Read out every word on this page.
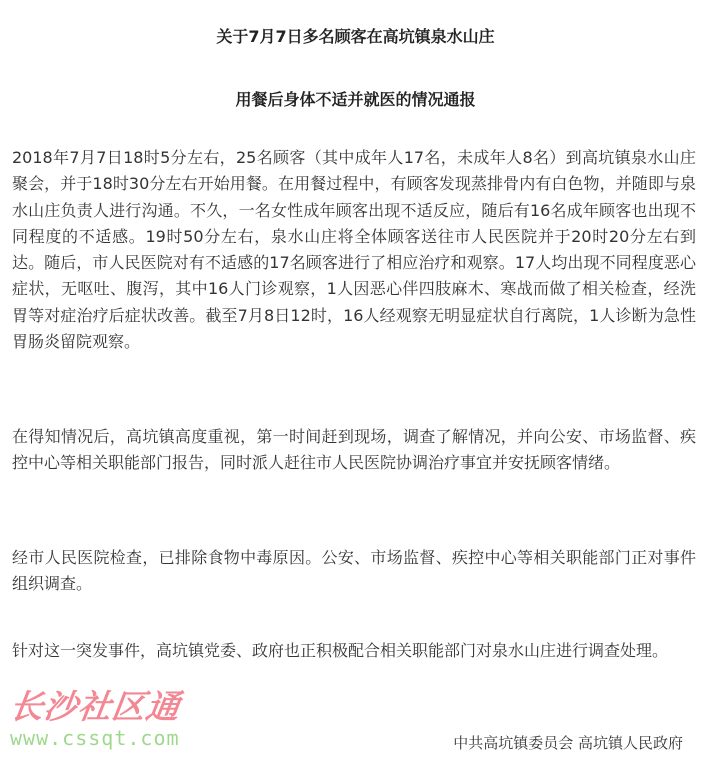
关于7月7日多名顾客在高坑镇泉水山庄
用餐后身体不适并就医的情况通报

2018年7月7日18时5分左右，25名顾客（其中成年人17名，未成年人8名）到高坑镇泉水山庄聚会，并于18时30分左右开始用餐。在用餐过程中，有顾客发现蒸排骨内有白色物，并随即与泉水山庄负责人进行沟通。不久，一名女性成年顾客出现不适反应，随后有16名成年顾客也出现不同程度的不适感。19时50分左右，泉水山庄将全体顾客送往市人民医院并于20时20分左右到达。随后，市人民医院对有不适感的17名顾客进行了相应治疗和观察。17人均出现不同程度恶心症状，无呕吐、腹泻，其中16人门诊观察，1人因恶心伴四肢麻木、寒战而做了相关检查，经洗胃等对症治疗后症状改善。截至7月8日12时，16人经观察无明显症状自行离院，1人诊断为急性胃肠炎留院观察。

在得知情况后，高坑镇高度重视，第一时间赶到现场，调查了解情况，并向公安、市场监督、疾控中心等相关职能部门报告，同时派人赶往市人民医院协调治疗事宜并安抚顾客情绪。

经市人民医院检查，已排除食物中毒原因。公安、市场监督、疾控中心等相关职能部门正对事件组织调查。

针对这一突发事件，高坑镇党委、政府也正积极配合相关职能部门对泉水山庄进行调查处理。

长沙社区通
www.cssqt.com	中共高坑镇委员会 高坑镇人民政府
